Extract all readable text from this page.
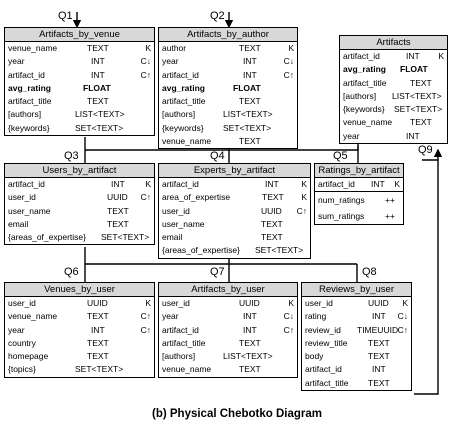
Q1	Q2
Q3	Q4	Q5
Q6	Q7	Q8
Q9
Artifacts_by_venue
venue_name	TEXT	K
year	INT	C↓
artifact_id	INT	C↑
avg_rating	FLOAT
artifact_title	TEXT
[authors]	LIST<TEXT>
{keywords}	SET<TEXT>
Artifacts_by_author
author	TEXT	K
year	INT	C↓
artifact_id	INT	C↑
avg_rating	FLOAT
artifact_title	TEXT
[authors]	LIST<TEXT>
{keywords} SET<TEXT>
venue_name	TEXT
Artifacts
artifact_id	INT K
avg_rating FLOAT
artifact_title	TEXT
[authors] LIST<TEXT>
{keywords} SET<TEXT>
venue_name TEXT
year	INT
Users_by_artifact
artifact_id	INT K
user_id	UUID C↑
user_name	TEXT
email	TEXT
{areas_of_expertise} SET<TEXT>
Experts_by_artifact
artifact_id	INT	K
area_of_expertise	TEXT K
user_id	UUID C↑
user_name	TEXT
email	TEXT
{areas_of_expertise} SET<TEXT>
Ratings_by_artifact
artifact_id INT K
num_ratings ++
sum_ratings ++
Venues_by_user
user_id	UUID	K
venue_name	TEXT	C↑
year	INT	C↑
country	TEXT
homepage	TEXT
{topics}	SET<TEXT>
Artifacts_by_user
user_id	UUID	K
year	INT	C↓
artifact_id	INT	C↑
artifact_title	TEXT
[authors]	LIST<TEXT>
venue_name	TEXT
Reviews_by_user
user_id	UUID K
rating	INT C↓
review_id TIMEUUID C↑
review_title TEXT
body	TEXT
artifact_id	INT
artifact_title TEXT
(b) Physical Chebotko Diagram
